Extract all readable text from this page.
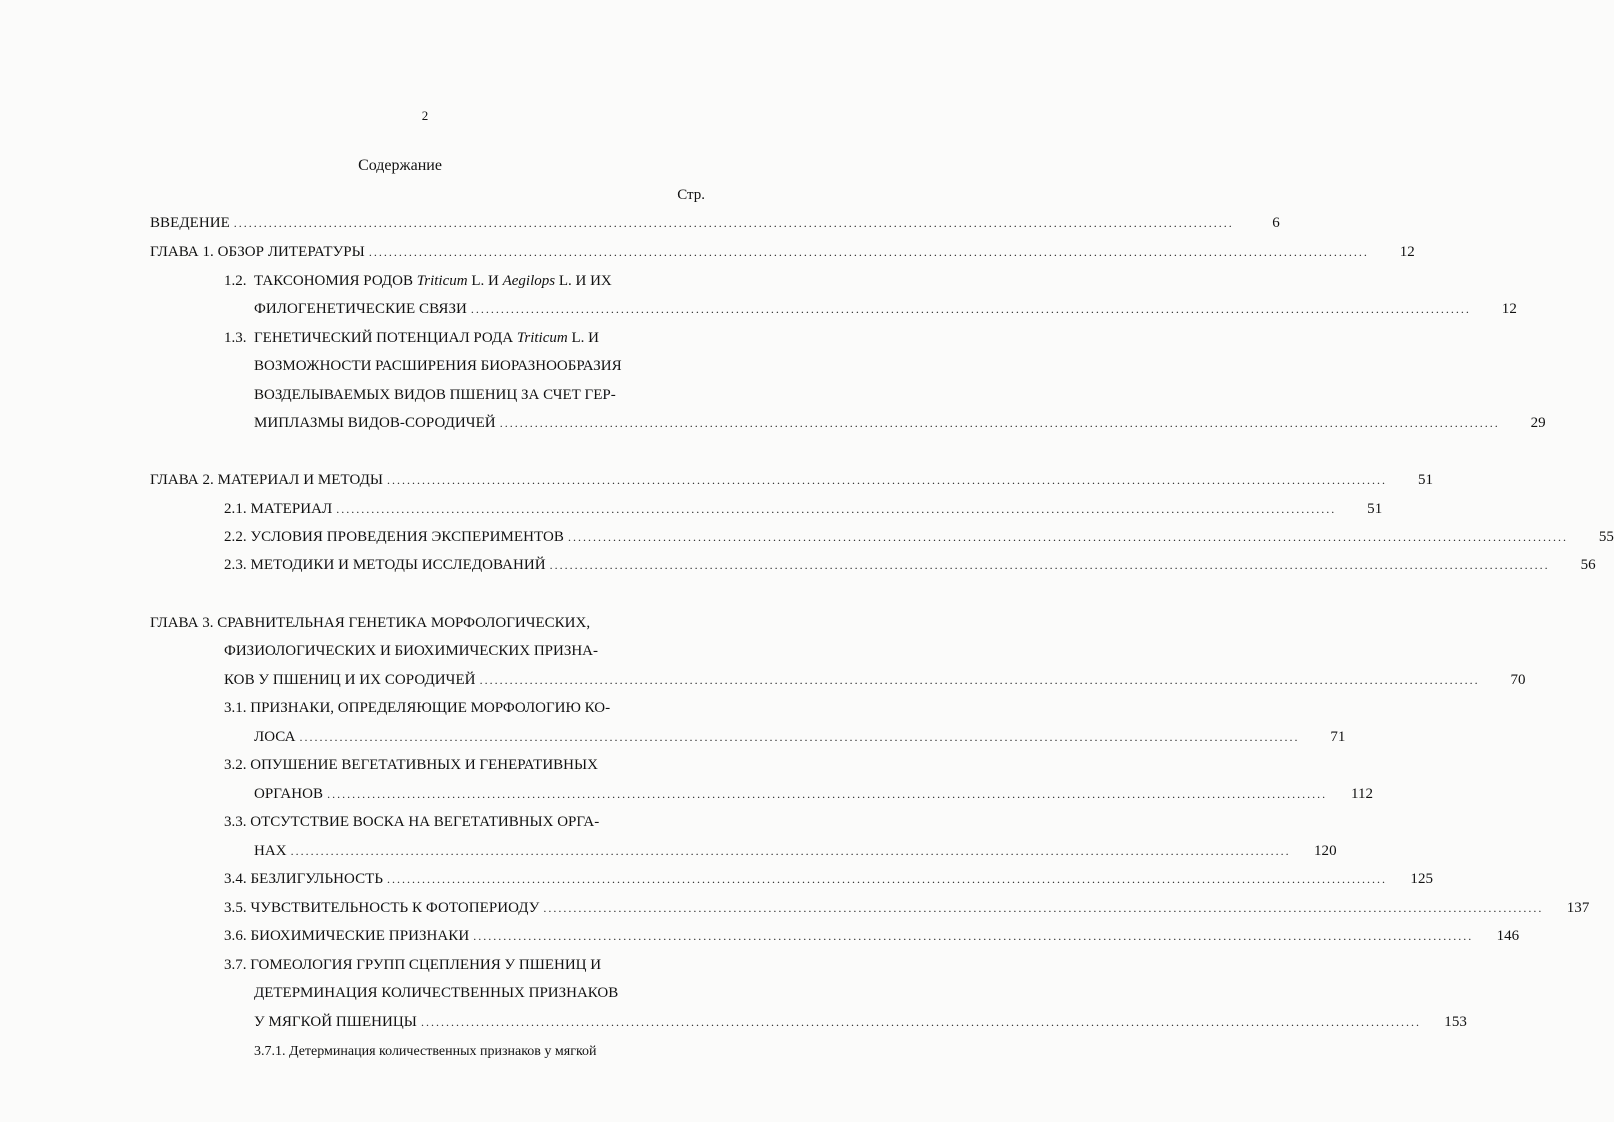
2
Содержание
Стр.
ВВЕДЕНИЕ ........................................................................................................................................................................................................	6
ГЛАВА 1. ОБЗОР ЛИТЕРАТУРЫ ........................................................................................................................................................................................................	12
1.2. ТАКСОНОМИЯ РОДОВ Triticum L. И Aegilops L. И ИХ
ФИЛОГЕНЕТИЧЕСКИЕ СВЯЗИ ........................................................................................................................................................................................................	12
1.3. ГЕНЕТИЧЕСКИЙ ПОТЕНЦИАЛ РОДА Triticum L. И
ВОЗМОЖНОСТИ РАСШИРЕНИЯ БИОРАЗНООБРАЗИЯ
ВОЗДЕЛЫВАЕМЫХ ВИДОВ ПШЕНИЦ ЗА СЧЕТ ГЕР-
МИПЛАЗМЫ ВИДОВ-СОРОДИЧЕЙ ........................................................................................................................................................................................................	29
ГЛАВА 2. МАТЕРИАЛ И МЕТОДЫ ........................................................................................................................................................................................................	51
2.1. МАТЕРИАЛ ........................................................................................................................................................................................................	51
2.2. УСЛОВИЯ ПРОВЕДЕНИЯ ЭКСПЕРИМЕНТОВ ........................................................................................................................................................................................................	55
2.3. МЕТОДИКИ И МЕТОДЫ ИССЛЕДОВАНИЙ ........................................................................................................................................................................................................	56
ГЛАВА 3. СРАВНИТЕЛЬНАЯ ГЕНЕТИКА МОРФОЛОГИЧЕСКИХ,
ФИЗИОЛОГИЧЕСКИХ И БИОХИМИЧЕСКИХ ПРИЗНА-
КОВ У ПШЕНИЦ И ИХ СОРОДИЧЕЙ ........................................................................................................................................................................................................	70
3.1. ПРИЗНАКИ, ОПРЕДЕЛЯЮЩИЕ МОРФОЛОГИЮ КО-
ЛОСА ........................................................................................................................................................................................................	71
3.2. ОПУШЕНИЕ ВЕГЕТАТИВНЫХ И ГЕНЕРАТИВНЫХ
ОРГАНОВ ........................................................................................................................................................................................................	112
3.3. ОТСУТСТВИЕ ВОСКА НА ВЕГЕТАТИВНЫХ ОРГА-
НАХ ........................................................................................................................................................................................................	120
3.4. БЕЗЛИГУЛЬНОСТЬ ........................................................................................................................................................................................................	125
3.5. ЧУВСТВИТЕЛЬНОСТЬ К ФОТОПЕРИОДУ ........................................................................................................................................................................................................	137
3.6. БИОХИМИЧЕСКИЕ ПРИЗНАКИ ........................................................................................................................................................................................................	146
3.7. ГОМЕОЛОГИЯ ГРУПП СЦЕПЛЕНИЯ У ПШЕНИЦ И
ДЕТЕРМИНАЦИЯ КОЛИЧЕСТВЕННЫХ ПРИЗНАКОВ
У МЯГКОЙ ПШЕНИЦЫ ........................................................................................................................................................................................................	153
3.7.1. Детерминация количественных признаков у мягкой
